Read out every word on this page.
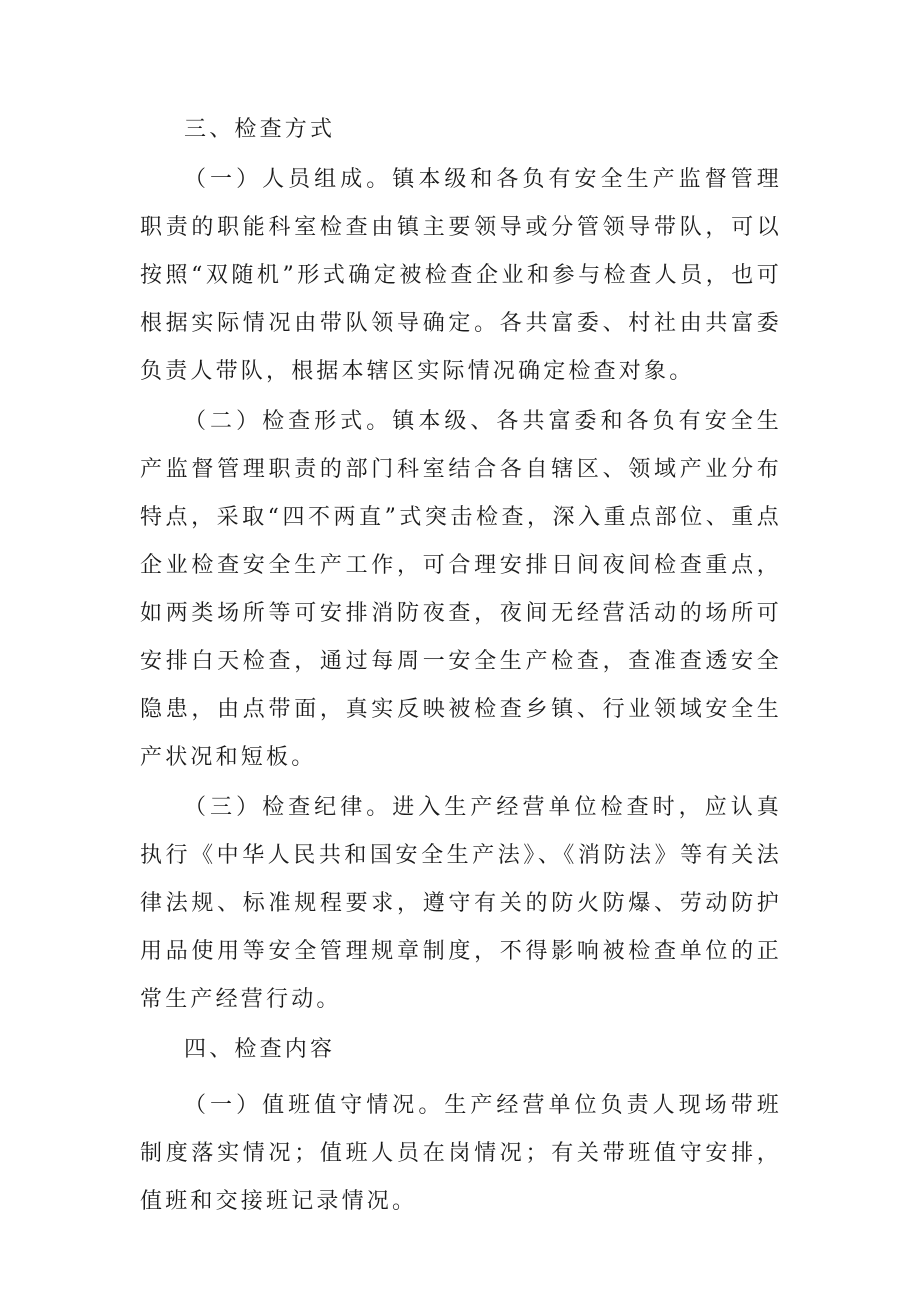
三、检查方式

（一）人员组成。镇本级和各负有安全生产监督管理职责的职能科室检查由镇主要领导或分管领导带队，可以按照“双随机”形式确定被检查企业和参与检查人员，也可根据实际情况由带队领导确定。各共富委、村社由共富委负责人带队，根据本辖区实际情况确定检查对象。

（二）检查形式。镇本级、各共富委和各负有安全生产监督管理职责的部门科室结合各自辖区、领域产业分布特点，采取“四不两直”式突击检查，深入重点部位、重点企业检查安全生产工作，可合理安排日间夜间检查重点，如两类场所等可安排消防夜查，夜间无经营活动的场所可安排白天检查，通过每周一安全生产检查，查准查透安全隐患，由点带面，真实反映被检查乡镇、行业领域安全生产状况和短板。

（三）检查纪律。进入生产经营单位检查时，应认真执行《中华人民共和国安全生产法》、《消防法》等有关法律法规、标准规程要求，遵守有关的防火防爆、劳动防护用品使用等安全管理规章制度，不得影响被检查单位的正常生产经营行动。

四、检查内容

（一）值班值守情况。生产经营单位负责人现场带班制度落实情况；值班人员在岗情况；有关带班值守安排，值班和交接班记录情况。
